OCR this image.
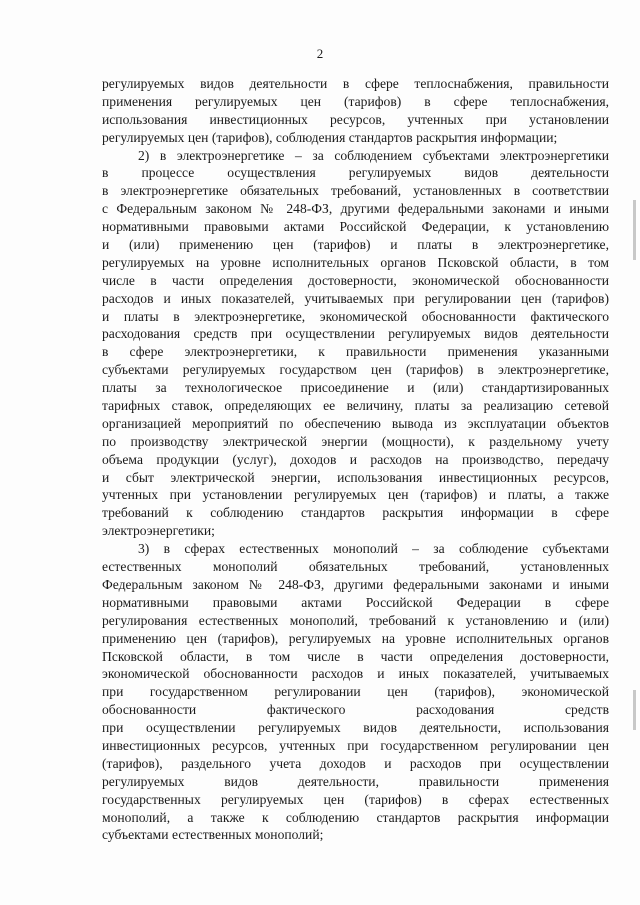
2
регулируемых видов деятельности в сфере теплоснабжения, правильности
применения регулируемых цен (тарифов) в сфере теплоснабжения,
использования инвестиционных ресурсов, учтенных при установлении
регулируемых цен (тарифов), соблюдения стандартов раскрытия информации;
2) в электроэнергетике – за соблюдением субъектами электроэнергетики
в процессе осуществления регулируемых видов деятельности
в электроэнергетике обязательных требований, установленных в соответствии
с Федеральным законом № 248-ФЗ, другими федеральными законами и иными
нормативными правовыми актами Российской Федерации, к установлению
и (или) применению цен (тарифов) и платы в электроэнергетике,
регулируемых на уровне исполнительных органов Псковской области, в том
числе в части определения достоверности, экономической обоснованности
расходов и иных показателей, учитываемых при регулировании цен (тарифов)
и платы в электроэнергетике, экономической обоснованности фактического
расходования средств при осуществлении регулируемых видов деятельности
в сфере электроэнергетики, к правильности применения указанными
субъектами регулируемых государством цен (тарифов) в электроэнергетике,
платы за технологическое присоединение и (или) стандартизированных
тарифных ставок, определяющих ее величину, платы за реализацию сетевой
организацией мероприятий по обеспечению вывода из эксплуатации объектов
по производству электрической энергии (мощности), к раздельному учету
объема продукции (услуг), доходов и расходов на производство, передачу
и сбыт электрической энергии, использования инвестиционных ресурсов,
учтенных при установлении регулируемых цен (тарифов) и платы, а также
требований к соблюдению стандартов раскрытия информации в сфере
электроэнергетики;
3) в сферах естественных монополий – за соблюдение субъектами
естественных монополий обязательных требований, установленных
Федеральным законом № 248-ФЗ, другими федеральными законами и иными
нормативными правовыми актами Российской Федерации в сфере
регулирования естественных монополий, требований к установлению и (или)
применению цен (тарифов), регулируемых на уровне исполнительных органов
Псковской области, в том числе в части определения достоверности,
экономической обоснованности расходов и иных показателей, учитываемых
при государственном регулировании цен (тарифов), экономической
обоснованности фактического расходования средств
при осуществлении регулируемых видов деятельности, использования
инвестиционных ресурсов, учтенных при государственном регулировании цен
(тарифов), раздельного учета доходов и расходов при осуществлении
регулируемых видов деятельности, правильности применения
государственных регулируемых цен (тарифов) в сферах естественных
монополий, а также к соблюдению стандартов раскрытия информации
субъектами естественных монополий;
